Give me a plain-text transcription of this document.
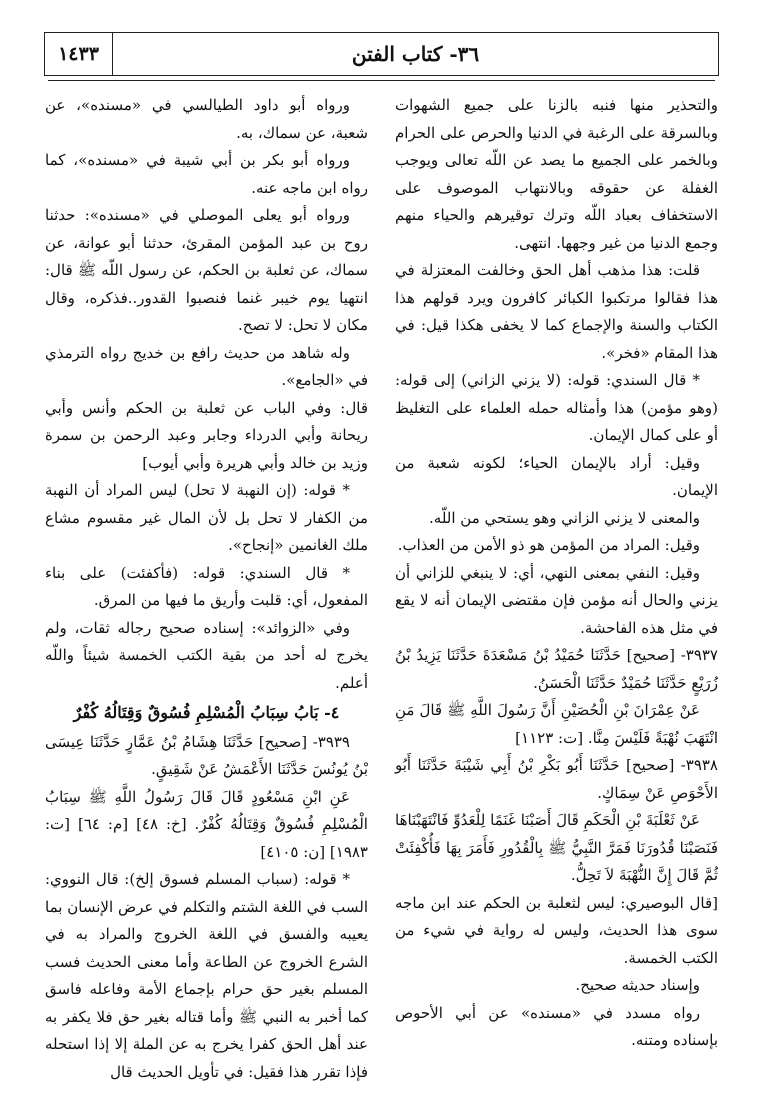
١٤٣٣	٣٦- كتاب الفتن

والتحذير منها فنبه بالزنا على جميع الشهوات وبالسرقة على الرغبة في الدنيا والحرص على الحرام وبالخمر على الجميع ما يصد عن اللّه تعالى ويوجب الغفلة عن حقوقه وبالانتهاب الموصوف على الاستخفاف بعباد اللّه وترك توقيرهم والحياء منهم وجمع الدنيا من غير وجهها. انتهى.

قلت: هذا مذهب أهل الحق وخالفت المعتزلة في هذا فقالوا مرتكبوا الكبائر كافرون ويرد قولهم هذا الكتاب والسنة والإجماع كما لا يخفى هكذا قيل: في هذا المقام «فخر».

* قال السندي: قوله: (لا يزني الزاني) إلى قوله: (وهو مؤمن) هذا وأمثاله حمله العلماء على التغليظ أو على كمال الإيمان.

وقيل: أراد بالإيمان الحياء؛ لكونه شعبة من الإيمان.

والمعنى لا يزني الزاني وهو يستحي من اللّه.

وقيل: المراد من المؤمن هو ذو الأمن من العذاب.

وقيل: النفي بمعنى النهي، أي: لا ينبغي للزاني أن يزني والحال أنه مؤمن فإن مقتضى الإيمان أنه لا يقع في مثل هذه الفاحشة.

٣٩٣٧- [صحيح] حَدَّثَنَا حُمَيْدُ بْنُ مَسْعَدَةَ حَدَّثَنَا يَزِيدُ بْنُ زُرَيْعٍ حَدَّثَنَا حُمَيْدٌ حَدَّثَنَا الْحَسَنُ.

عَنْ عِمْرَانَ بْنِ الْحُصَيْنِ أَنَّ رَسُولَ اللَّهِ ﷺ قَالَ مَنِ انْتَهَبَ نُهْبَةً فَلَيْسَ مِنَّا. [ت: ١١٢٣]

٣٩٣٨- [صحيح] حَدَّثَنَا أَبُو بَكْرِ بْنُ أَبِي شَيْبَةَ حَدَّثَنَا أَبُو الأَحْوَصِ عَنْ سِمَاكٍ.

عَنْ ثَعْلَبَةَ بْنِ الْحَكَمِ قَالَ أَصَبْنَا غَنَمًا لِلْعَدُوِّ فَانْتَهَبْنَاهَا فَنَصَبْنَا قُدُورَنَا فَمَرَّ النَّبِيُّ ﷺ بِالْقُدُورِ فَأَمَرَ بِهَا فَأُكْفِئَتْ ثُمَّ قَالَ إِنَّ النُّهْبَةَ لاَ تَحِلُّ.

[قال البوصيري: ليس لثعلبة بن الحكم عند ابن ماجه سوى هذا الحديث، وليس له رواية في شيء من الكتب الخمسة.

وإسناد حديثه صحيح.

رواه مسدد في «مسنده» عن أبي الأحوص بإسناده ومتنه.

ورواه أبو داود الطيالسي في «مسنده»، عن شعبة، عن سماك، به.

ورواه أبو بكر بن أبي شيبة في «مسنده»، كما رواه ابن ماجه عنه.

ورواه أبو يعلى الموصلي في «مسنده»: حدثنا روح بن عبد المؤمن المقرئ، حدثنا أبو عوانة، عن سماك، عن ثعلبة بن الحكم، عن رسول اللّه ﷺ قال: انتهيا يوم خيبر غنما فنصبوا القدور..فذكره، وقال مكان لا تحل: لا تصح.

وله شاهد من حديث رافع بن خديج رواه الترمذي في «الجامع».

قال: وفي الباب عن ثعلبة بن الحكم وأنس وأبي ريحانة وأبي الدرداء وجابر وعبد الرحمن بن سمرة وزيد بن خالد وأبي هريرة وأبي أيوب]

* قوله: (إن النهبة لا تحل) ليس المراد أن النهبة من الكفار لا تحل بل لأن المال غير مقسوم مشاع ملك الغانمين «إنجاح».

* قال السندي: قوله: (فأكفئت) على بناء المفعول، أي: قلبت وأريق ما فيها من المرق.

وفي «الزوائد»: إسناده صحيح رجاله ثقات، ولم يخرج له أحد من بقية الكتب الخمسة شيئاً واللّه أعلم.

٤- بَابُ سِبَابُ الْمُسْلِمِ فُسُوقٌ وَقِتَالُهُ كُفْرٌ

٣٩٣٩- [صحيح] حَدَّثَنَا هِشَامُ بْنُ عَمَّارٍ حَدَّثَنَا عِيسَى بْنُ يُونُسَ حَدَّثَنَا الأَعْمَشُ عَنْ شَقِيقٍ.

عَنِ ابْنِ مَسْعُودٍ قَالَ قَالَ رَسُولُ اللَّهِ ﷺ سِبَابُ الْمُسْلِمِ فُسُوقٌ وَقِتَالُهُ كُفْرٌ. [خ: ٤٨] [م: ٦٤] [ت: ١٩٨٣] [ن: ٤١٠٥]

* قوله: (سباب المسلم فسوق إلخ): قال النووي: السب في اللغة الشتم والتكلم في عرض الإنسان بما يعيبه والفسق في اللغة الخروج والمراد به في الشرع الخروج عن الطاعة وأما معنى الحديث فسب المسلم بغير حق حرام بإجماع الأمة وفاعله فاسق كما أخبر به النبي ﷺ وأما قتاله بغير حق فلا يكفر به عند أهل الحق كفرا يخرج به عن الملة إلا إذا استحله فإذا تقرر هذا فقيل: في تأويل الحديث قال
